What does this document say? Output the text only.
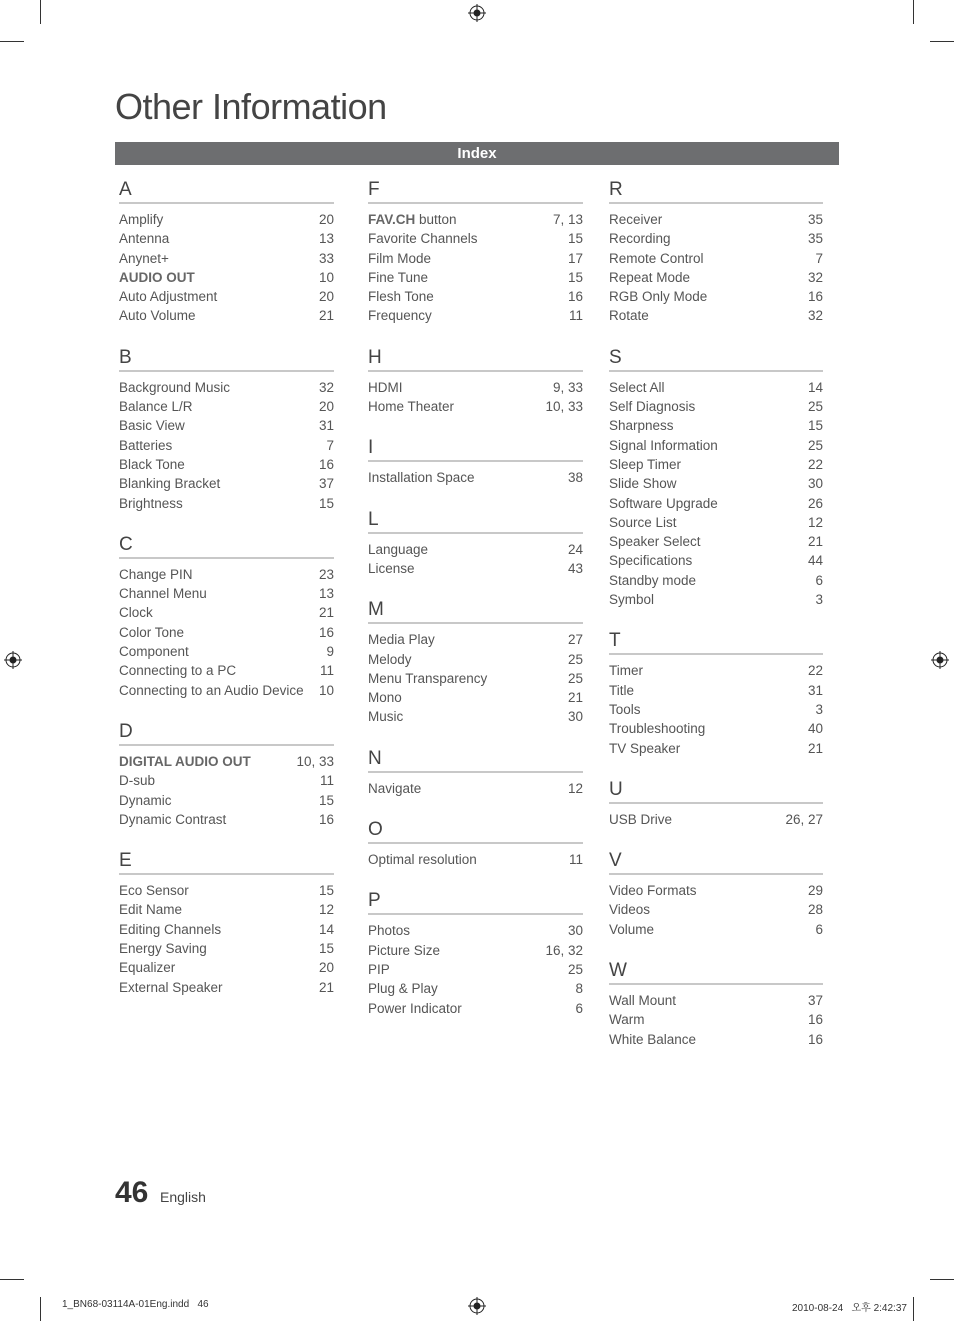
Other Information
Index
A
Amplify	20
Antenna	13
Anynet+	33
AUDIO OUT	10
Auto Adjustment	20
Auto Volume	21
B
Background Music	32
Balance L/R	20
Basic View	31
Batteries	7
Black Tone	16
Blanking Bracket	37
Brightness	15
C
Change PIN	23
Channel Menu	13
Clock	21
Color Tone	16
Component	9
Connecting to a PC	11
Connecting to an Audio Device 10
D
DIGITAL AUDIO OUT	10, 33
D-sub	11
Dynamic	15
Dynamic Contrast	16
E
Eco Sensor	15
Edit Name	12
Editing Channels	14
Energy Saving	15
Equalizer	20
External Speaker	21
F
FAV.CH button	7, 13
Favorite Channels	15
Film Mode	17
Fine Tune	15
Flesh Tone	16
Frequency	11
H
HDMI	9, 33
Home Theater	10, 33
I
Installation Space	38
L
Language	24
License	43
M
Media Play	27
Melody	25
Menu Transparency	25
Mono	21
Music	30
N
Navigate	12
O
Optimal resolution	11
P
Photos	30
Picture Size	16, 32
PIP	25
Plug & Play	8
Power Indicator	6
R
Receiver	35
Recording	35
Remote Control	7
Repeat Mode	32
RGB Only Mode	16
Rotate	32
S
Select All	14
Self Diagnosis	25
Sharpness	15
Signal Information	25
Sleep Timer	22
Slide Show	30
Software Upgrade	26
Source List	12
Speaker Select	21
Specifications	44
Standby mode	6
Symbol	3
T
Timer	22
Title	31
Tools	3
Troubleshooting	40
TV Speaker	21
U
USB Drive	26, 27
V
Video Formats	29
Videos	28
Volume	6
W
Wall Mount	37
Warm	16
White Balance	16
46 English
1_BN68-03114A-01Eng.indd   46	2010-08-24   오후 2:42:37
